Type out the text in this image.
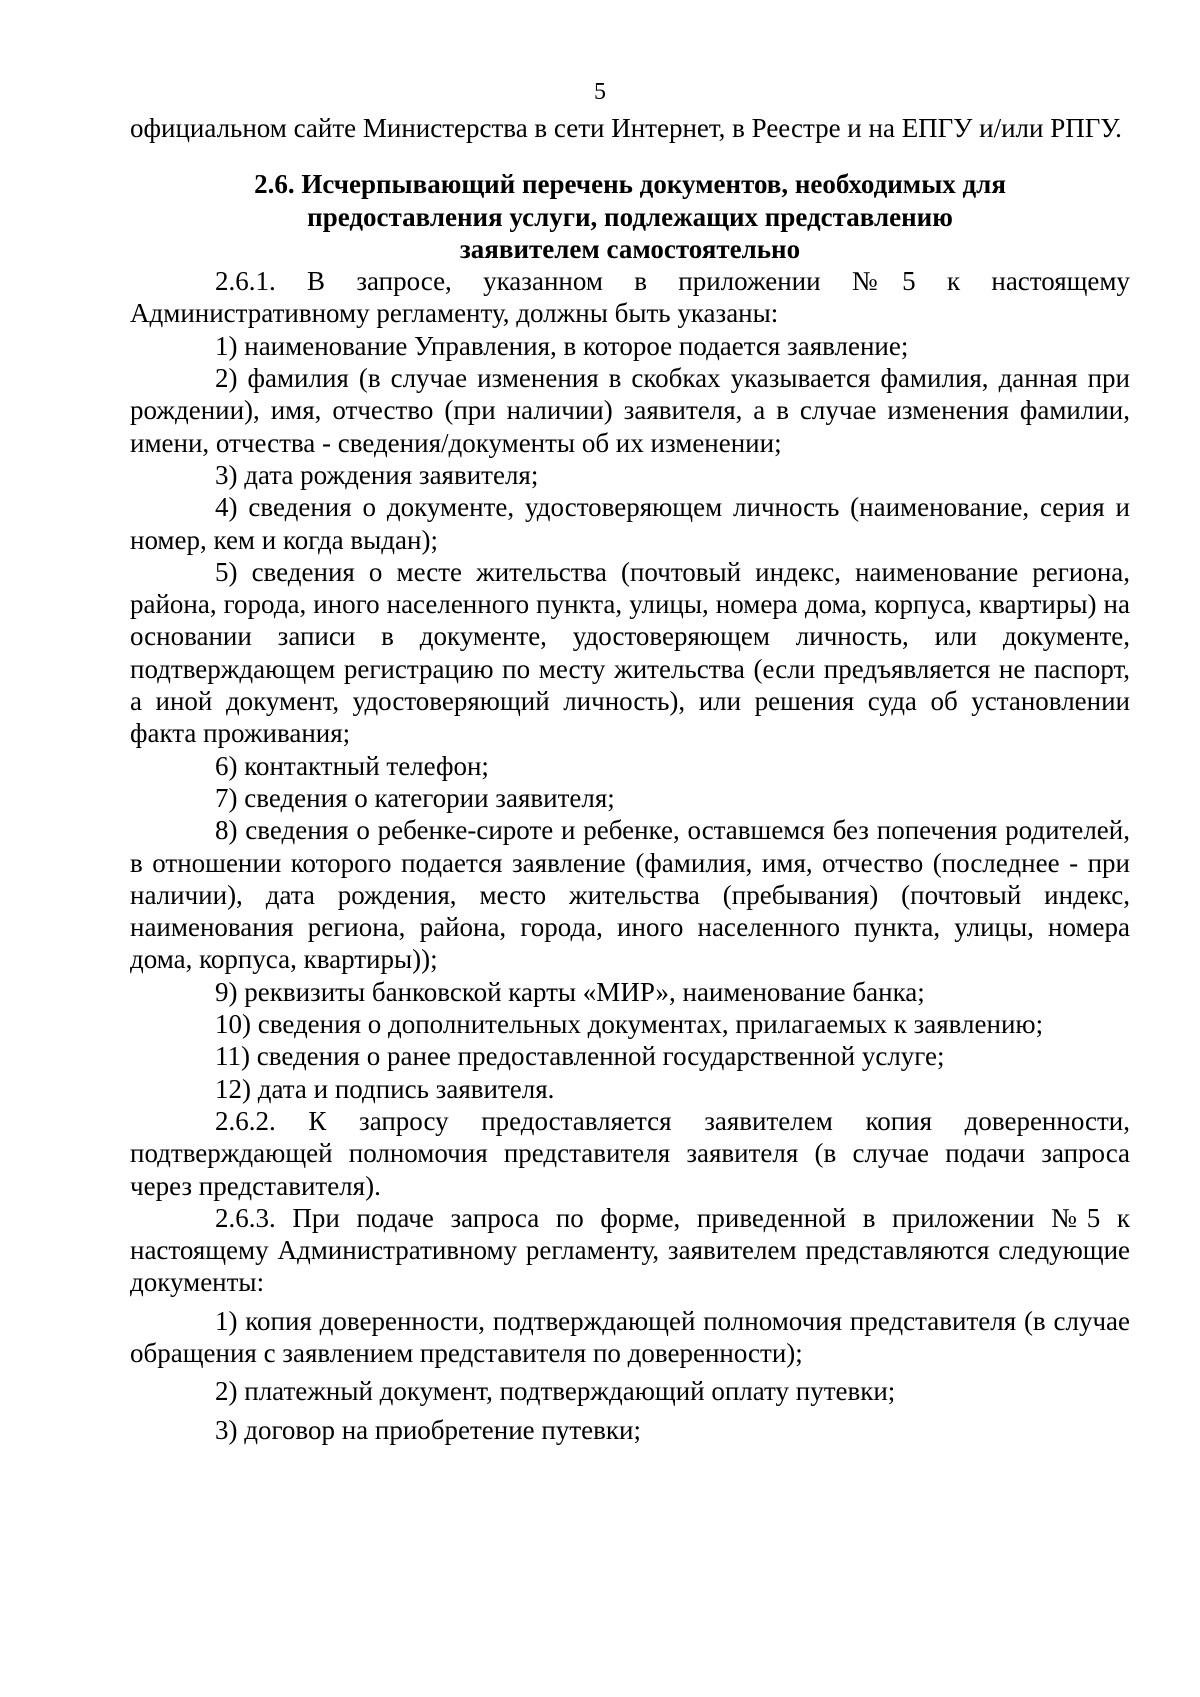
5

официальном сайте Министерства в сети Интернет, в Реестре и на ЕПГУ и/или РПГУ.

2.6. Исчерпывающий перечень документов, необходимых для
предоставления услуги, подлежащих представлению
заявителем самостоятельно

2.6.1. В запросе, указанном в приложении №5 к настоящему Административному регламенту, должны быть указаны:

1) наименование Управления, в которое подается заявление;

2) фамилия (в случае изменения в скобках указывается фамилия, данная при рождении), имя, отчество (при наличии) заявителя, а в случае изменения фамилии, имени, отчества - сведения/документы об их изменении;

3) дата рождения заявителя;

4) сведения о документе, удостоверяющем личность (наименование, серия и номер, кем и когда выдан);

5) сведения о месте жительства (почтовый индекс, наименование региона, района, города, иного населенного пункта, улицы, номера дома, корпуса, квартиры) на основании записи в документе, удостоверяющем личность, или документе, подтверждающем регистрацию по месту жительства (если предъявляется не паспорт, а иной документ, удостоверяющий личность), или решения суда об установлении факта проживания;

6) контактный телефон;

7) сведения о категории заявителя;

8) сведения о ребенке-сироте и ребенке, оставшемся без попечения родителей, в отношении которого подается заявление (фамилия, имя, отчество (последнее - при наличии), дата рождения, место жительства (пребывания) (почтовый индекс, наименования региона, района, города, иного населенного пункта, улицы, номера дома, корпуса, квартиры));

9) реквизиты банковской карты «МИР», наименование банка;

10) сведения о дополнительных документах, прилагаемых к заявлению;

11) сведения о ранее предоставленной государственной услуге;

12) дата и подпись заявителя.

2.6.2. К запросу предоставляется заявителем копия доверенности, подтверждающей полномочия представителя заявителя (в случае подачи запроса через представителя).

2.6.3. При подаче запроса по форме, приведенной в приложении №5 к настоящему Административному регламенту, заявителем представляются следующие документы:

1) копия доверенности, подтверждающей полномочия представителя (в случае обращения с заявлением представителя по доверенности);

2) платежный документ, подтверждающий оплату путевки;

3) договор на приобретение путевки;
